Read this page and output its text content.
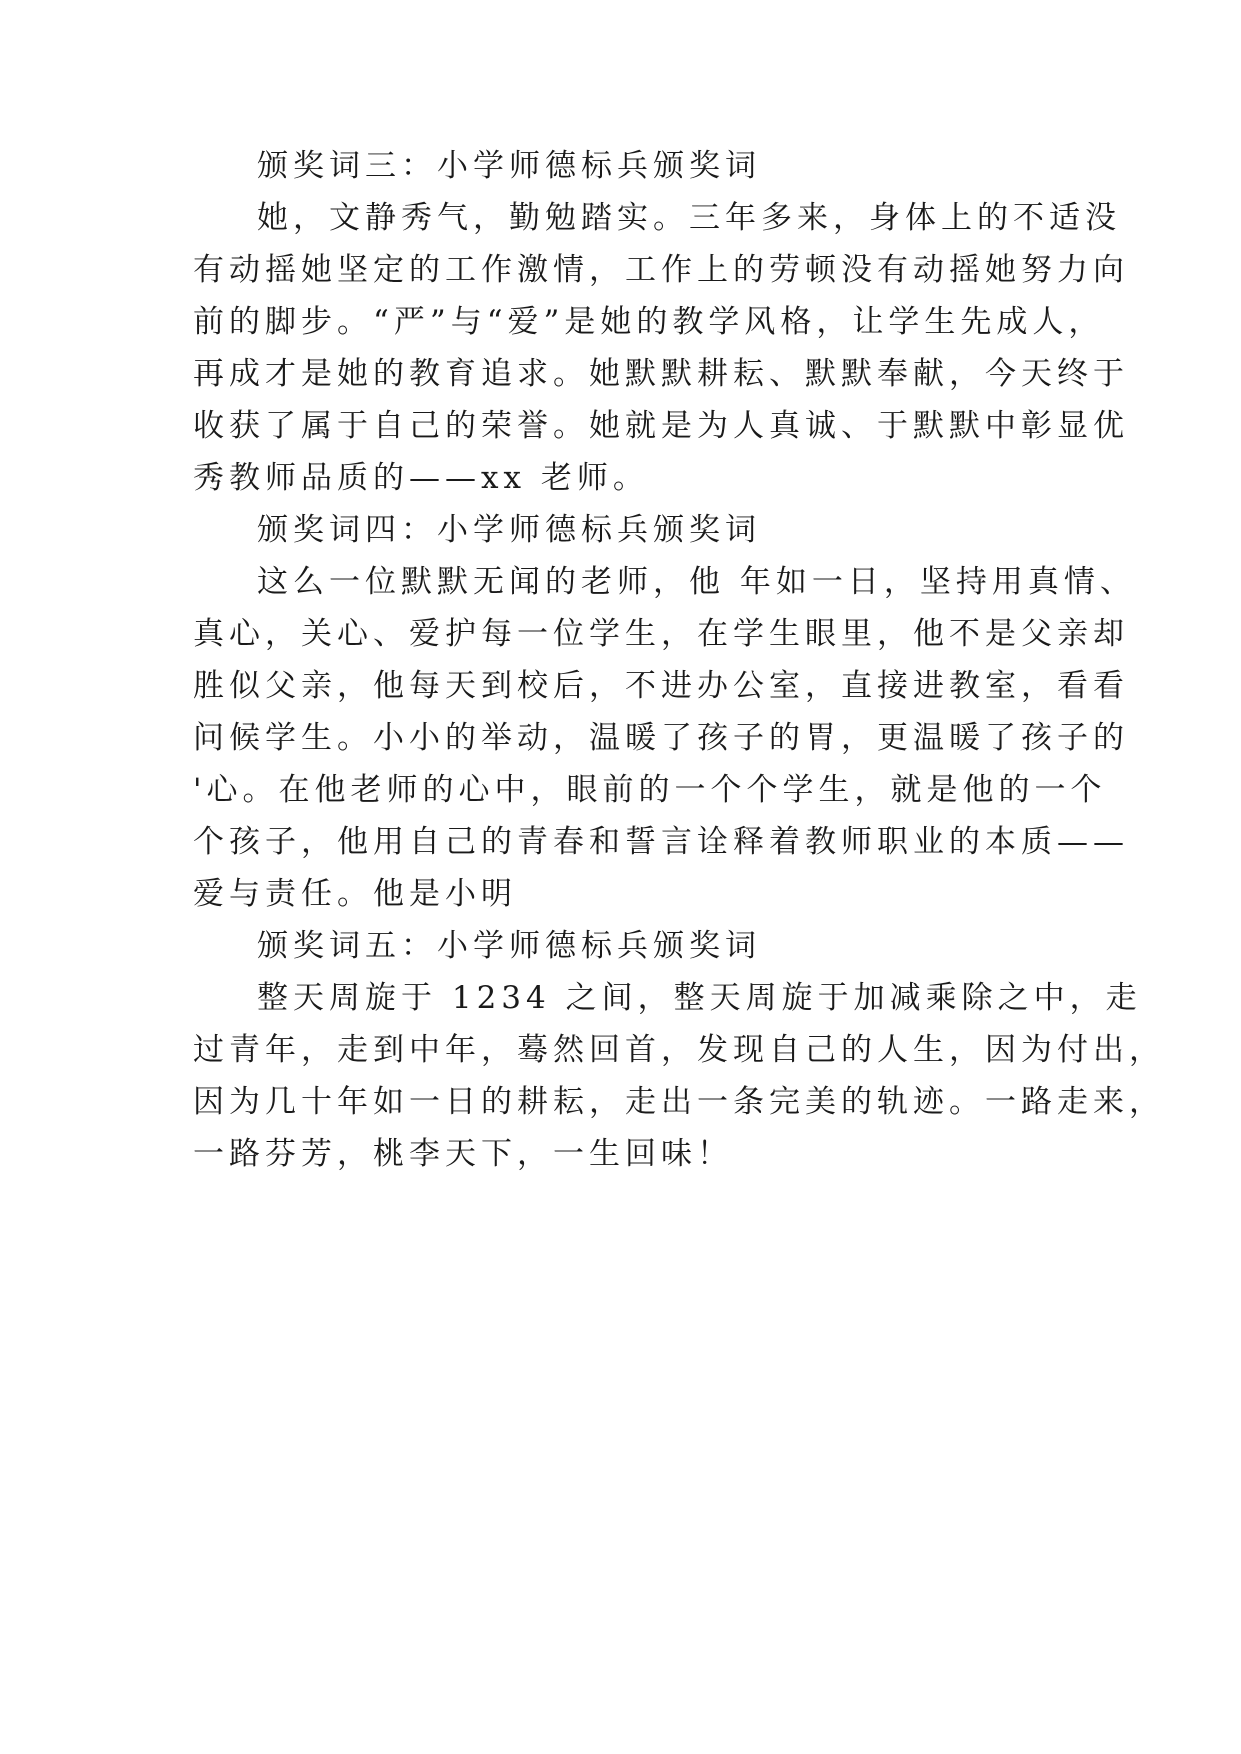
颁奖词三：小学师德标兵颁奖词
她，文静秀气，勤勉踏实。三年多来，身体上的不适没
有动摇她坚定的工作激情，工作上的劳顿没有动摇她努力向
前的脚步。“严”与“爱”是她的教学风格，让学生先成人，
再成才是她的教育追求。她默默耕耘、默默奉献，今天终于
收获了属于自己的荣誉。她就是为人真诚、于默默中彰显优
秀教师品质的——xx 老师。
颁奖词四：小学师德标兵颁奖词
这么一位默默无闻的老师，他 年如一日，坚持用真情、
真心，关心、爱护每一位学生，在学生眼里，他不是父亲却
胜似父亲，他每天到校后，不进办公室，直接进教室，看看
问候学生。小小的举动，温暖了孩子的胃，更温暖了孩子的
'心。在他老师的心中，眼前的一个个学生，就是他的一个
个孩子，他用自己的青春和誓言诠释着教师职业的本质——
爱与责任。他是小明
颁奖词五：小学师德标兵颁奖词
整天周旋于 1234 之间，整天周旋于加减乘除之中，走
过青年，走到中年，蓦然回首，发现自己的人生，因为付出，
因为几十年如一日的耕耘，走出一条完美的轨迹。一路走来，
一路芬芳，桃李天下，一生回味！
